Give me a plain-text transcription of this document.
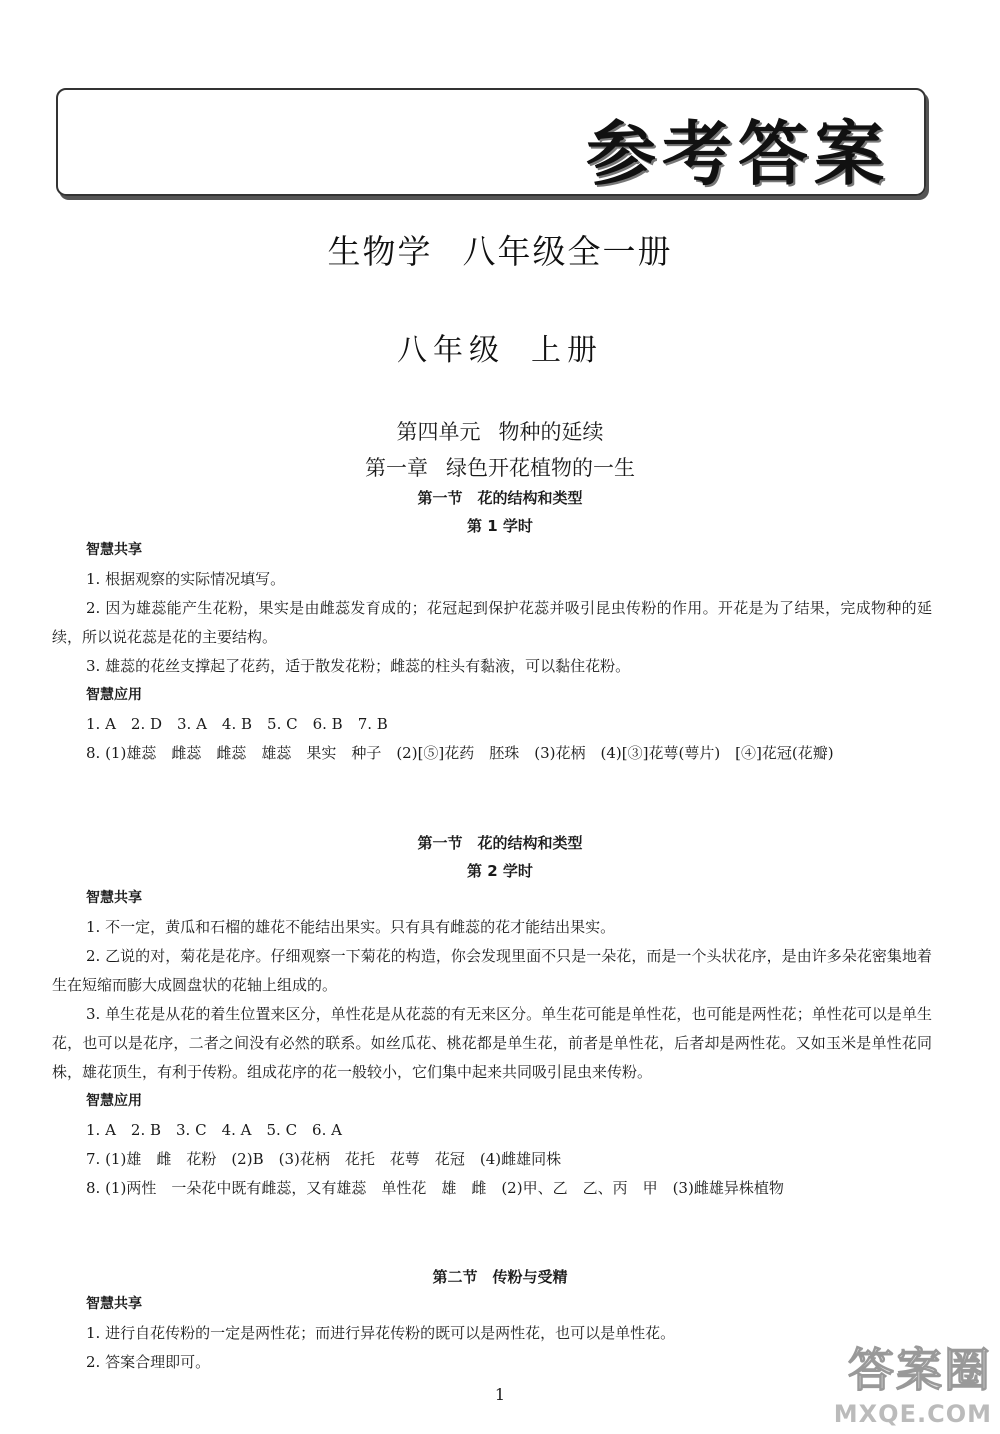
参考答案
生物学 八年级全一册
八年级 上册
第四单元 物种的延续
第一章 绿色开花植物的一生
第一节　花的结构和类型
第 1 学时
智慧共享
1. 根据观察的实际情况填写。
2. 因为雄蕊能产生花粉，果实是由雌蕊发育成的；花冠起到保护花蕊并吸引昆虫传粉的作用。开花是为了结果，完成物种的延续，所以说花蕊是花的主要结构。
3. 雄蕊的花丝支撑起了花药，适于散发花粉；雌蕊的柱头有黏液，可以黏住花粉。
智慧应用
1. A　2. D　3. A　4. B　5. C　6. B　7. B
8. (1)雄蕊　雌蕊　雌蕊　雄蕊　果实　种子　(2)[⑤]花药　胚珠　(3)花柄　(4)[③]花萼(萼片)　[④]花冠(花瓣)
第一节　花的结构和类型
第 2 学时
智慧共享
1. 不一定，黄瓜和石榴的雄花不能结出果实。只有具有雌蕊的花才能结出果实。
2. 乙说的对，菊花是花序。仔细观察一下菊花的构造，你会发现里面不只是一朵花，而是一个头状花序，是由许多朵花密集地着生在短缩而膨大成圆盘状的花轴上组成的。
3. 单生花是从花的着生位置来区分，单性花是从花蕊的有无来区分。单生花可能是单性花，也可能是两性花；单性花可以是单生花，也可以是花序，二者之间没有必然的联系。如丝瓜花、桃花都是单生花，前者是单性花，后者却是两性花。又如玉米是单性花同株，雄花顶生，有利于传粉。组成花序的花一般较小，它们集中起来共同吸引昆虫来传粉。
智慧应用
1. A　2. B　3. C　4. A　5. C　6. A
7. (1)雄　雌　花粉　(2)B　(3)花柄　花托　花萼　花冠　(4)雌雄同株
8. (1)两性　一朵花中既有雌蕊，又有雄蕊　单性花　雄　雌　(2)甲、乙　乙、丙　甲　(3)雌雄异株植物
第二节　传粉与受精
智慧共享
1. 进行自花传粉的一定是两性花；而进行异花传粉的既可以是两性花，也可以是单性花。
2. 答案合理即可。
1	答案圈
MXQE.COM
